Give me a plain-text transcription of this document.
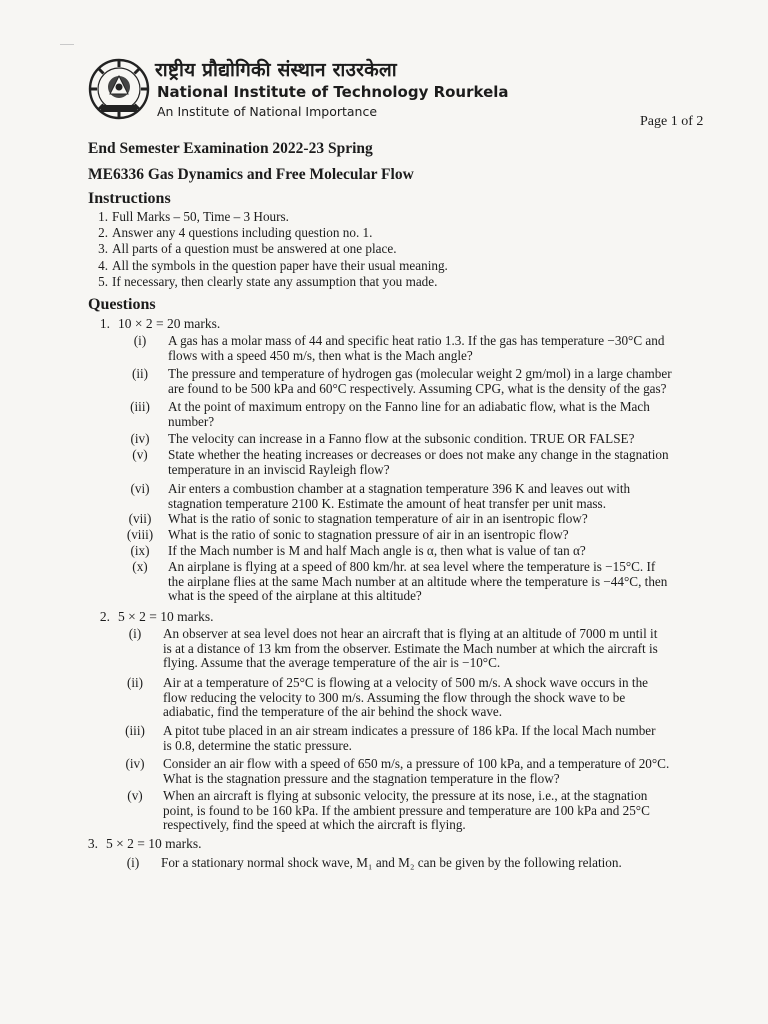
राष्ट्रीय प्रौद्योगिकी संस्थान राउरकेला
National Institute of Technology Rourkela
An Institute of National Importance
Page 1 of 2
End Semester Examination 2022-23 Spring
ME6336 Gas Dynamics and Free Molecular Flow
Instructions
1. Full Marks – 50, Time – 3 Hours.
2. Answer any 4 questions including question no. 1.
3. All parts of a question must be answered at one place.
4. All the symbols in the question paper have their usual meaning.
5. If necessary, then clearly state any assumption that you made.
Questions
1. 10 × 2 = 20 marks.
(i)	A gas has a molar mass of 44 and specific heat ratio 1.3. If the gas has temperature −30°C and
flows with a speed 450 m/s, then what is the Mach angle?
(ii)	The pressure and temperature of hydrogen gas (molecular weight 2 gm/mol) in a large chamber
are found to be 500 kPa and 60°C respectively. Assuming CPG, what is the density of the gas?
(iii)	At the point of maximum entropy on the Fanno line for an adiabatic flow, what is the Mach
number?
(iv)	The velocity can increase in a Fanno flow at the subsonic condition. TRUE OR FALSE?
(v)	State whether the heating increases or decreases or does not make any change in the stagnation
temperature in an inviscid Rayleigh flow?
(vi)	Air enters a combustion chamber at a stagnation temperature 396 K and leaves out with
stagnation temperature 2100 K. Estimate the amount of heat transfer per unit mass.
(vii)	What is the ratio of sonic to stagnation temperature of air in an isentropic flow?
(viii)	What is the ratio of sonic to stagnation pressure of air in an isentropic flow?
(ix)	If the Mach number is M and half Mach angle is α, then what is value of tan α?
(x)	An airplane is flying at a speed of 800 km/hr. at sea level where the temperature is −15°C. If
the airplane flies at the same Mach number at an altitude where the temperature is −44°C, then
what is the speed of the airplane at this altitude?
2. 5 × 2 = 10 marks.
(i)	An observer at sea level does not hear an aircraft that is flying at an altitude of 7000 m until it
is at a distance of 13 km from the observer. Estimate the Mach number at which the aircraft is
flying. Assume that the average temperature of the air is −10°C.
(ii)	Air at a temperature of 25°C is flowing at a velocity of 500 m/s. A shock wave occurs in the
flow reducing the velocity to 300 m/s. Assuming the flow through the shock wave to be
adiabatic, find the temperature of the air behind the shock wave.
(iii)	A pitot tube placed in an air stream indicates a pressure of 186 kPa. If the local Mach number
is 0.8, determine the static pressure.
(iv)	Consider an air flow with a speed of 650 m/s, a pressure of 100 kPa, and a temperature of 20°C.
What is the stagnation pressure and the stagnation temperature in the flow?
(v)	When an aircraft is flying at subsonic velocity, the pressure at its nose, i.e., at the stagnation
point, is found to be 160 kPa. If the ambient pressure and temperature are 100 kPa and 25°C
respectively, find the speed at which the aircraft is flying.
3. 5 × 2 = 10 marks.
(i)	For a stationary normal shock wave, M₁ and M₂ can be given by the following relation.
